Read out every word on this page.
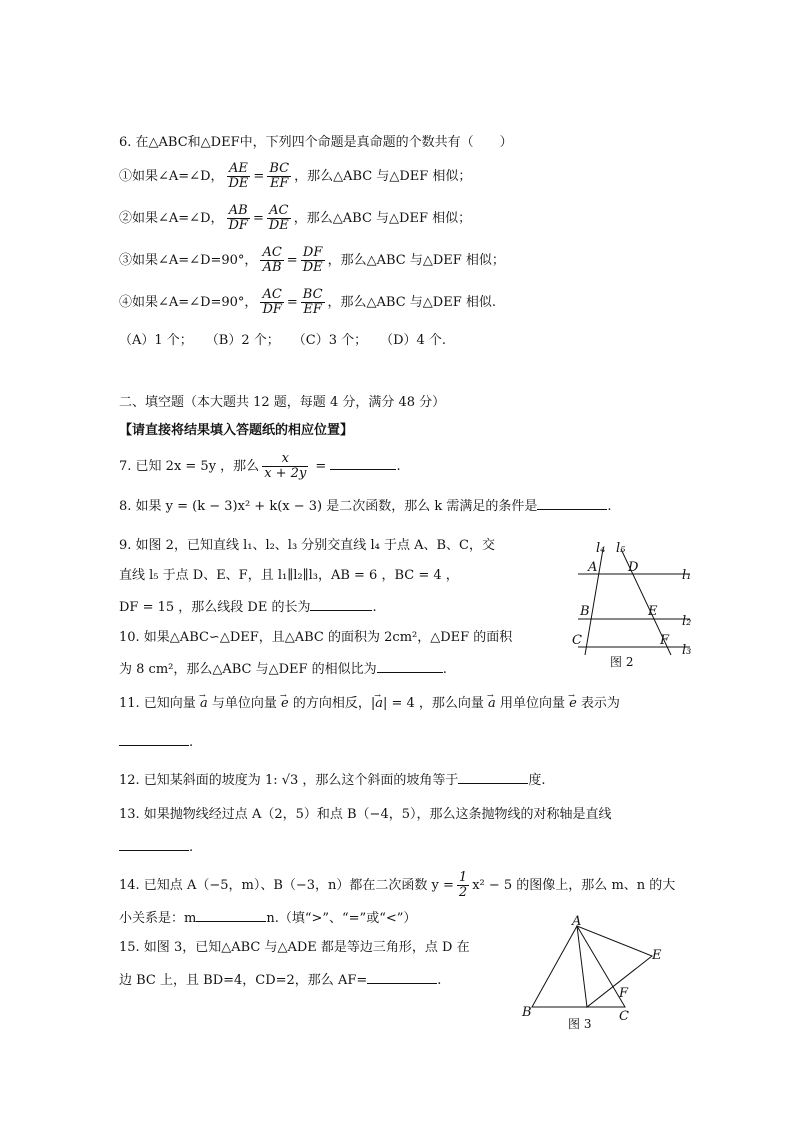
6. 在△ABC和△DEF中，下列四个命题是真命题的个数共有（　　）
①如果∠A=∠D， $\frac{AE}{DE} = \frac{BC}{EF}$ ，那么△ABC 与△DEF 相似；
②如果∠A=∠D， $\frac{AB}{DF} = \frac{AC}{DE}$ ，那么△ABC 与△DEF 相似；
③如果∠A=∠D=90°， $\frac{AC}{AB} = \frac{DF}{DE}$ ，那么△ABC 与△DEF 相似；
④如果∠A=∠D=90°， $\frac{AC}{DF} = \frac{BC}{EF}$ ，那么△ABC 与△DEF 相似.
（A）1 个；　　（B）2 个；　　（C）3 个；　　（D）4 个.
二、填空题（本大题共 12 题，每题 4 分，满分 48 分）
【请直接将结果填入答题纸的相应位置】
7. 已知 2x = 5y ，那么 $\frac{x}{x + 2y}$ =	.
8. 如果 y = (k − 3)x² + k(x − 3) 是二次函数，那么 k 需满足的条件是	.
9. 如图 2，已知直线 l₁、l₂、l₃ 分别交直线 l₄ 于点 A、B、C，交
直线 l₅ 于点 D、E、F，且 l₁∥l₂∥l₃，AB = 6 ，BC = 4 ，
DF = 15 ，那么线段 DE 的长为	.
10. 如果△ABC∽△DEF，且△ABC 的面积为 2cm²，△DEF 的面积
为 8 cm²，那么△ABC 与△DEF 的相似比为	.
11. 已知向量 → a 与单位向量 → e 的方向相反，|→ a| = 4 ，那么向量 → a 用单位向量 → e 表示为
.
12. 已知某斜面的坡度为 1: √3 ，那么这个斜面的坡角等于	度.
13. 如果抛物线经过点 A（2，5）和点 B（−4，5），那么这条抛物线的对称轴是直线
.
14. 已知点 A（−5，m）、B（−3，n）都在二次函数 $y = \frac{1}{2} x^2 - 5$ 的图像上，那么 m、n 的大
小关系是：m	n.（填“>”、“=”或“<”）
15. 如图 3，已知△ABC 与△ADE 都是等边三角形，点 D 在
边 BC 上，且 BD=4，CD=2，那么 AF=	.
l₄ l₅
A D
l₁
B	E
l₂
C	F
l₃
图 2
A
E
F
B	C
图 3
